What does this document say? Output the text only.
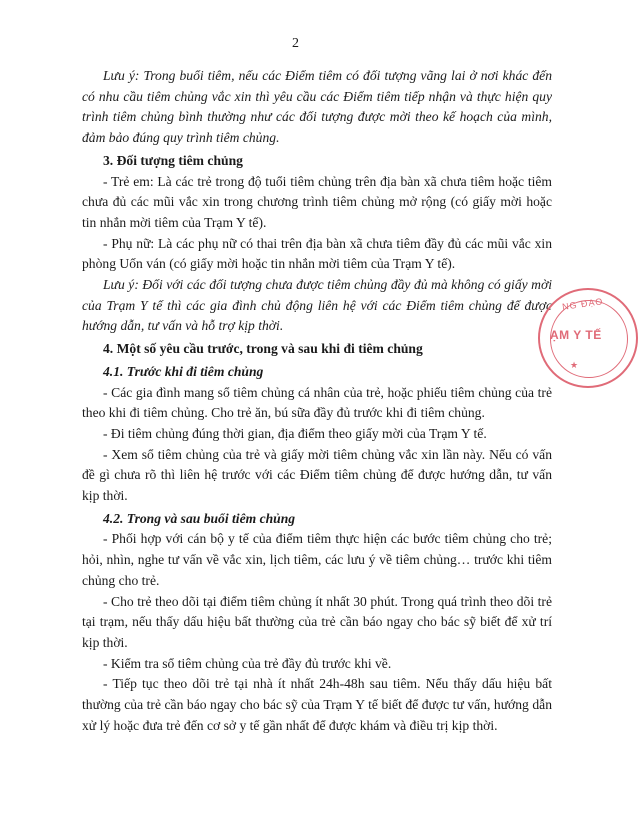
2

Lưu ý: Trong buổi tiêm, nếu các Điểm tiêm có đối tượng vãng lai ở nơi khác đến có nhu cầu tiêm chủng vắc xin thì yêu cầu các Điểm tiêm tiếp nhận và thực hiện quy trình tiêm chủng bình thường như các đối tượng được mời theo kế hoạch của mình, đảm bảo đúng quy trình tiêm chủng.

3. Đối tượng tiêm chủng

- Trẻ em: Là các trẻ trong độ tuổi tiêm chủng trên địa bàn xã chưa tiêm hoặc tiêm chưa đủ các mũi vắc xin trong chương trình tiêm chủng mở rộng (có giấy mời hoặc tin nhắn mời tiêm của Trạm Y tế).

- Phụ nữ: Là các phụ nữ có thai trên địa bàn xã chưa tiêm đầy đủ các mũi vắc xin phòng Uốn ván (có giấy mời hoặc tin nhắn mời tiêm của Trạm Y tế).

Lưu ý: Đối với các đối tượng chưa được tiêm chủng đầy đủ mà không có giấy mời của Trạm Y tế thì các gia đình chủ động liên hệ với các Điểm tiêm chủng để được hướng dẫn, tư vấn và hỗ trợ kịp thời.

4. Một số yêu cầu trước, trong và sau khi đi tiêm chủng

4.1. Trước khi đi tiêm chủng

- Các gia đình mang sổ tiêm chủng cá nhân của trẻ, hoặc phiếu tiêm chủng của trẻ theo khi đi tiêm chủng. Cho trẻ ăn, bú sữa đầy đủ trước khi đi tiêm chủng.

- Đi tiêm chủng đúng thời gian, địa điểm theo giấy mời của Trạm Y tế.

- Xem sổ tiêm chủng của trẻ và giấy mời tiêm chủng vắc xin lần này. Nếu có vấn đề gì chưa rõ thì liên hệ trước với các Điểm tiêm chủng để được hướng dẫn, tư vấn kịp thời.

4.2. Trong và sau buổi tiêm chủng

- Phối hợp với cán bộ y tế của điểm tiêm thực hiện các bước tiêm chủng cho trẻ; hỏi, nhìn, nghe tư vấn về vắc xin, lịch tiêm, các lưu ý về tiêm chủng… trước khi tiêm chủng cho trẻ.

- Cho trẻ theo dõi tại điểm tiêm chủng ít nhất 30 phút. Trong quá trình theo dõi trẻ tại trạm, nếu thấy dấu hiệu bất thường của trẻ cần báo ngay cho bác sỹ biết để xử trí kịp thời.

- Kiểm tra sổ tiêm chủng của trẻ đầy đủ trước khi về.

- Tiếp tục theo dõi trẻ tại nhà ít nhất 24h-48h sau tiêm. Nếu thấy dấu hiệu bất thường của trẻ cần báo ngay cho bác sỹ của Trạm Y tế biết để được tư vấn, hướng dẫn xử lý hoặc đưa trẻ đến cơ sở y tế gần nhất để được khám và điều trị kịp thời.

NG ĐẠO
ẠM Y TẾ
★
